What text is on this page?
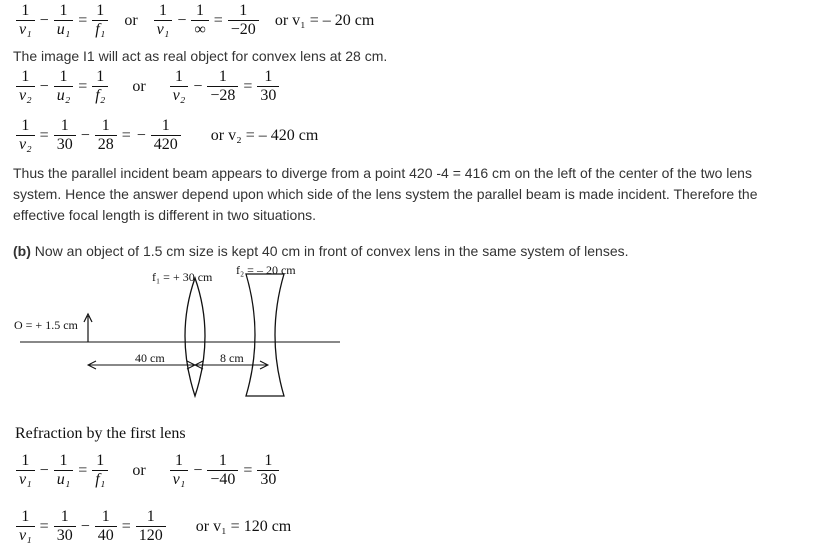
$\frac{1}{\text{v₁}} - \frac{1}{\text{u₁}} = \frac{1}{\text{f₁}}$ or $\frac{1}{\text{v₁}} - \frac{1}{\infty} = \frac{1}{-20}$ or v₁ = – 20 cm
The image I1 will act as real object for convex lens at 28 cm.
$\frac{1}{\text{v₂}} - \frac{1}{\text{u₂}} = \frac{1}{\text{f₂}}$ or $\frac{1}{\text{v₂}} - \frac{1}{-28} = \frac{1}{30}$
$\frac{1}{\text{v₂}} = \frac{1}{30} - \frac{1}{28}$ = − $\frac{1}{420}$ or v₂ = – 420 cm
Thus the parallel incident beam appears to diverge from a point 420 -4 = 416 cm on the left of the center of the two lens system. Hence the answer depend upon which side of the lens system the parallel beam is made incident. Therefore the effective focal length is different in two situations.
(b) Now an object of 1.5 cm size is kept 40 cm in front of convex lens in the same system of lenses.
f₁ = + 30 cm f₂ = – 20 cm
O = + 1.5 cm
40 cm	8 cm
Refraction by the first lens
$\frac{1}{\text{v₁}} - \frac{1}{\text{u₁}} = \frac{1}{\text{f₁}}$ or $\frac{1}{\text{v₁}} - \frac{1}{-40} = \frac{1}{30}$
$\frac{1}{\text{v₁}} = \frac{1}{30} - \frac{1}{40} = \frac{1}{120}$ or v₁ = 120 cm
